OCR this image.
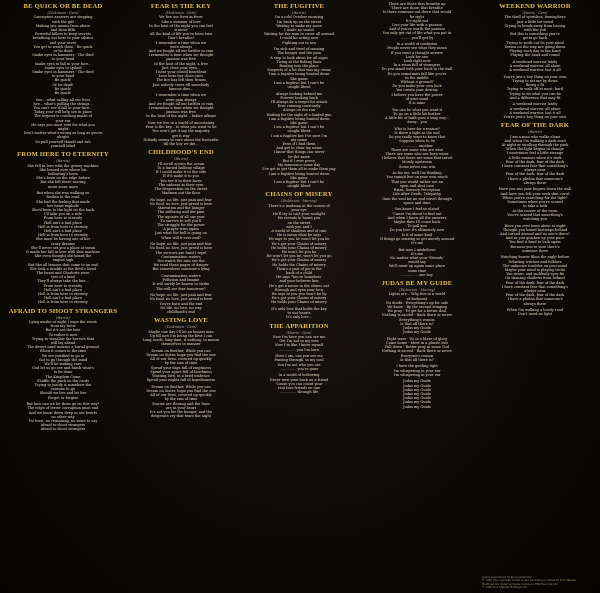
BE QUICK OR BE DEAD
(Dickinson · Gers)
Conceptive answers are stepping
with the gift
Making you means from above
and from fifth
Powerful killers to keep secrets
breathing out hear to your silence
and your sever
You get to watch them - Be quick
or be dead
Snake eyes in hammers - The thief
to your head
Snake eyes to fall in your face...
Snake eyes to spiked
Snake eyes in hammers - The thief
to your head
Be quick!
Or be dead!
Be quick!
Be quick!
See... what calling all our lives
See... what's pulling the strings...
You can't see it fall in your face...
Today your will help see in place
The serpent is crawling inside of
your ear
He says you must vote for what you
might
Don't matter what's wrong as long as you're
alright
So pull yourself thumb and rub
yourself blind
FROM HERE TO ETERNITY
(Harris)
She fell in love with the greasy machine
She leaned over where his
bellowing's been
She's been on the edge before
But she left there roaring
more more more
But when she was walking on
broken in the road
She had the feeling that made
her heart explode
She'd been to the light on the back
I'll take you on a ride
From here to eternity
Hell ain't a bad place
Hell is from here to eternity
Hell ain't a bad place
Hell is from here to eternity
She must be having one of her
crazy dreams
She'll never set you a place at mean
It made her fall in love with that machine
She even thought she heard the
engine sigh
But like all lessons that come to an end
She took a tumble at the devil's bend
The beast and Charlotte were
tree of a kind
They'll always take the line...
From here to eternity
Hell ain't a bad place
Hell is from here to eternity
Hell ain't a bad place
Hell is from here to eternity
AFRAID TO SHOOT STRANGERS
(Harris)
Lying awake at night I wipe the sweat
from my brow
But it's not the fear
To rather it now
Trying to visualise the horrors that
will lay ahead
The desert sand mourns a burial ground
When it comes to the time
We are justified to go in
Got to go through the mind
We'll be making sure
God let us go see and finish what's
to be done
The Kingdom Come
Shuffle the pack on the cards
Trying to justify it somehow the
reasons to go
Should we live and let live
Forget or forgive
But how can we let them go on this way?
The reign of terror corruption must end
And we know down deep in our hearts
no other way
No trust, no reasoning, no more to say
Afraid to shoot strangers
Afraid to shoot strangers
FEAR IS THE KEY
(Dickinson · Gers)
We live our lives in fever
Like a summer of love
In the heat of the night you can feel
it move
All the kind of life you've been torn
Don't breathe!
I remember a time when we
were always
And we fought all our battles in vain
I remember a time when we thought
passion was free
In the heat of the night, a free
Just close your eyes...
I hear your closed heartbeat
Lose hear her close cries
The fire has left then frozen
Just nobody cares till somebody
famous dies...
I remember a time when we
were pain always
And we fought all our battles in vain
I remember a time when we thought
passion was free
In the heat of the night... before aflame
Now we live in a world of uncertainty
Fear is the key... to what you want to be
You won't get it say the majority
get it way
Nobody seems to care about the bastardic
till the boy we die...
CHILDHOOD'S END
(Harris)
I'll scroll across the ocean
To a buried hallway village
If I could make it to the side
If it'd make it to you
You see it in their faces
The sadness in their eyes
The desperation on the street
Madmen out the floor
No hope, no life, just pain and fear
No food, no love, just greed is here
Starvation and the hunger
The suffering and the pain
The agonies of all our year
To survive to sell you'll
The struggle for the power
A prayer tries again
Just what the hell is going on
When will it ever end?
No hope, no life, just pain and fear
No food, no love, just greed is here
The sorrows are hard I repel
Contamination waters
You watch the rain see the
We read those pages of danger
But somewhere someone's lying
Contamination waters
Pollution and famine
It will surely be known to strike
The will see fear tomorrow?
No hope, no life, just pain and fear
No food, no love, just greed is here
You're born and the end
No life, no love, no way
childhood's end
WASTING LOVE
(Dickinson · Gers)
Maybe one day I'll be an honest man
Up till now I'm being the best I can
Long roads, long time, it nothing, to mourn
themselves to manner
Dream on Brother, While you can
Dream on Sister, hope you find the one
All of our lives, covered up quickly
by the sins of time
Spend your days full of emptiness
Spend your spare full of loneliness
Wasting love, in a brief embrace
Spend your nights full of hopelessness
Dream on Brother, While you can
Dream on Sister, hope you find the one
All of our lives, covered up quickly
by the sins of time
Stories are flowing and the lines
are in your heart
It's not you for the hunger, and the
desperate cry that tears the night
THE FUGITIVE
(Harris)
On a cold October morning
I'm back up on the street
Waiting to make my move
I made no sound
Waiting for the man to cover all around
I could be acting now
Fighting out to sea
I'm sick and tired of running
The hunger and the pain
A step to look about for all signs
Tiring at the fishing lines
Beating into the place
Suspects of a hit that was my crime
I am a fugitive being hunted down
like game
I am a fugitive but I can't be
caught bleed
Always looking behind me
Forever looking back
I'll always be a target for attack
Ever running constantly
Always on the run
Waiting for the sight of a loaded gun
I am a fugitive being hunted down
like game
I am a fugitive but I can't be
caught bleed
I am a fugitive but I've sure I'm
my name
Even if I find them
And get to clear my name
I know that things can never
be the same
But if I ever prove
My innocence some day
I've got to get them all to make them pay
I am a fugitive being hunted down
like game
I am a fugitive but I can't be
caught bleed
CHAINS OF MISERY
(Dickinson · Murray)
There's a madman in the corner of
your eye
He'll try to cast your sunlight
He reveals to haunt you
on the street
with you and I
A world of shadows and of rain
He is mean what he says
He says to you he won't let you be
He's got your Chains of misery
He holds your Chains of misery
He won't let you be
He won't let you be, won't let you go
He's got your Chains of misery
He holds the Chains of misery
Then's a pair of pie in the
back of a child
He says 'You're homeless'
and your believes him
He's got a noose in the shines out
through and eyes your love
He says to you you won't be by
He's got your Chains of misery
He holds your Chains of misery
It's only love that holds the key
to our hearts
It's only love...
THE APPARITION
(Harris · Gers)
Now I'm here you can see me
Get I'm not in my own
Now I'm like I know myself
............... you I'm here
Here I am, can you see me
Passing through, in my soul
You I'm not who you are
............... you're gone
In a world of hollowing
Never turn your back on a friend
'Cause you can count your
real true friends on one
............... through life
There are those that breathe up
There are those that breathe
Is there someone out there that would
be right
It's right not
Live your life with a passion
And if you're worth the passion
You only get out of life what you put in
......... you'll get by
In a world of confusion
People never see what they mean
If you want a thought answer
Look for one
Look right now
In a room full of strangers
Do you stand with your back to the wall
Do you sometimes fall like you're
in the middle
Without a ground?
Do you make your own luck
You create your destiny
I believe you have the power
of your mind
It is mine
You can be what you want it
To go on a little bit further
A little bit of faith goes a long way...
Away... you
Who is here for a reason?
Is there a light at the end
Do you really want to know that
Suppose when to lie
............... another
There are some who are wise
There are some who are born wiser
I believe that there are some that travel
Mostly upstream
Some never can win
As for me, well I'm thinking
You cannot live on your own reach
That you would rather not an
open and shut case
Extra, Sensory Perception
Life After Death, Telepathy
Gain the soul for an end travel through
space and time
You know I feel so elated
'Cause I'm about to find out
And when I know all the answers
Maybe then I'll come back
To pull you
Do you love it's ultimately new
Is it of some kind
If things go missing or get merely around
It's me
But now I misbelieve
It's me
No matter what your ?friends'
would say
We'll meet up again some place
some time
............... one boy
JUDAS BE MY GUIDE
(Dickinson · Murray)
Lights are... Why live in a world
of darkness
No doubt - Everything's up for sale
We know - By the second stinging
We pray - To get for a better deal
Nothing is sacred - Back there or never
Everything's reason
Is that all there is?
Judas my Guide
Judas my Guide
Fight wars - Do in a blaze of glory
Come home - Meet in a plastic suit
Fall down - Better pray in some God
Nothing is sacred - Back there or never
Everyone's reason
Is that all there is?
I have the guiding light
I'm whispering in your ear
I'm whispering in your ear
Judas my Guide
Judas my Guide
Judas my Guide
Judas my Guide
Judas my Guide
Judas my Guide
Judas my Guide
WEEKEND WARRIOR
(Harris · Gers)
The thrill of spiritless, hemisphere
Just a little bit weird
Trying to break away from having
with the yob
But this is something you're
gotta go back
Trying to work out its your mind
Seems on the way are going down
Playing each day in the hand
Playing the hand and round
A weekend warrior lately
A weekend warrior, all alone
A weekend warrior, lost it all
You're just a boy thing on your own
Trying to set me by down
Being a fit
Trying to walk off at most, hard
Trying to do what you can be
And a difference that may fit
A weekend warrior lately
A weekend warrior, all alone
A weekend warrior, lost it all
You're just a boy thing on your own
FEAR OF THE DARK
(Harris)
I am a man who walks alone
And when I'm walking a dark road
At night or strolling through the park
When the light begins to change
I sometimes feel a little strange
A little anxious when it's dark
Fear of the dark, fear of the dark
I have constant fear that something's
always near
Fear of the dark, fear of the dark
I have a phobia that someone's
always there
Have you run your fingers down the wall
And have you felt your neck skin crawl
When you're searching for the light?
Sometimes when you're scared
to take a look
At the corner of the room
You've sensed that something's
watching you
Have you ever been alone at night
Thought you heard footsteps behind
And turned around and no one's there?
And as you quicken up your pace
You find it hard to look again
Because you're sure there's
someone there
Watching horror films the night before
Debating witches and folklore
The unknown troubles on your mind
Maybe your mind is playing tricks
You sense, and suddenly eyes fix
On dancing shadows from behind
Fear of the dark, fear of the dark
I have constant fear that something's
always near
Fear of the dark, fear of the dark
I have a phobia that someone's
always there
When I'm walking a lonely road
Don't need no light
Lyrics reproduced by kind permission
© 1992 The copyright in this sound recording is owned by Iron Maiden
Holdings Ltd under exclusive licence to EMI Records Ltd.
© 1992 Iron Maiden Holdings Ltd.
